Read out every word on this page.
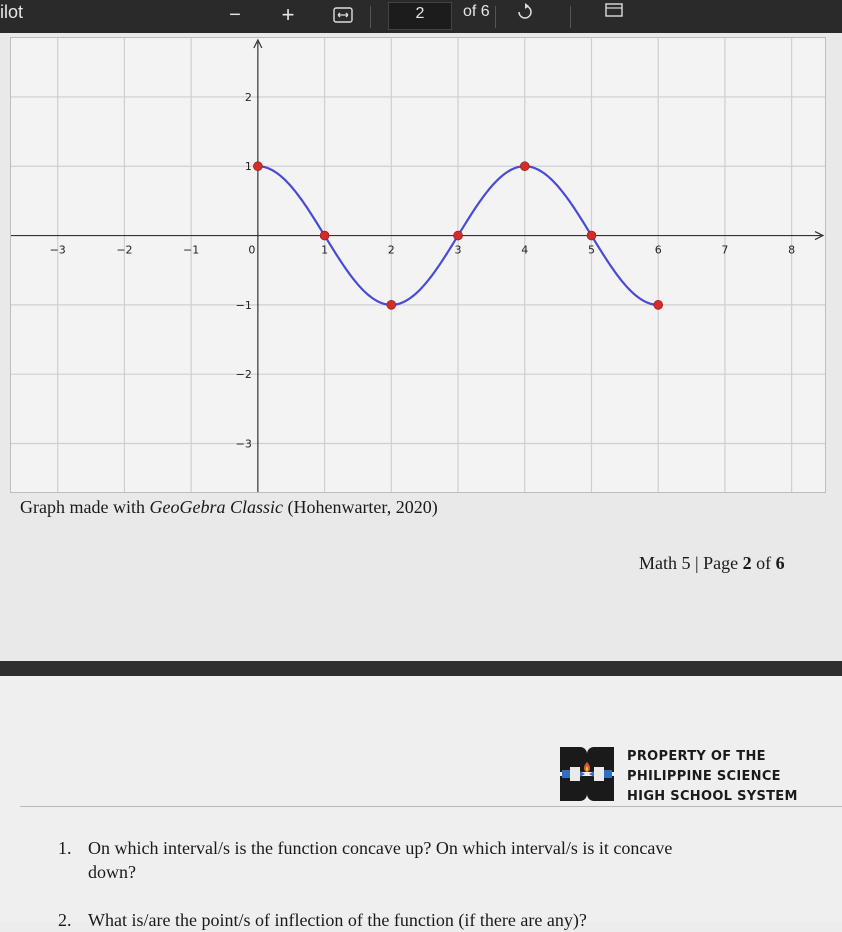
ilot	− +	2	of 6
−3	−2	−1	0	1	2	3	4	5	6	7	8
2
1
−1
−2
−3
Graph made with GeoGebra Classic (Hohenwarter, 2020)
Math 5 | Page 2 of 6
PROPERTY OF THE
PHILIPPINE SCIENCE
HIGH SCHOOL SYSTEM
1. On which interval/s is the function concave up? On which interval/s is it concave
down?
2. What is/are the point/s of inflection of the function (if there are any)?
